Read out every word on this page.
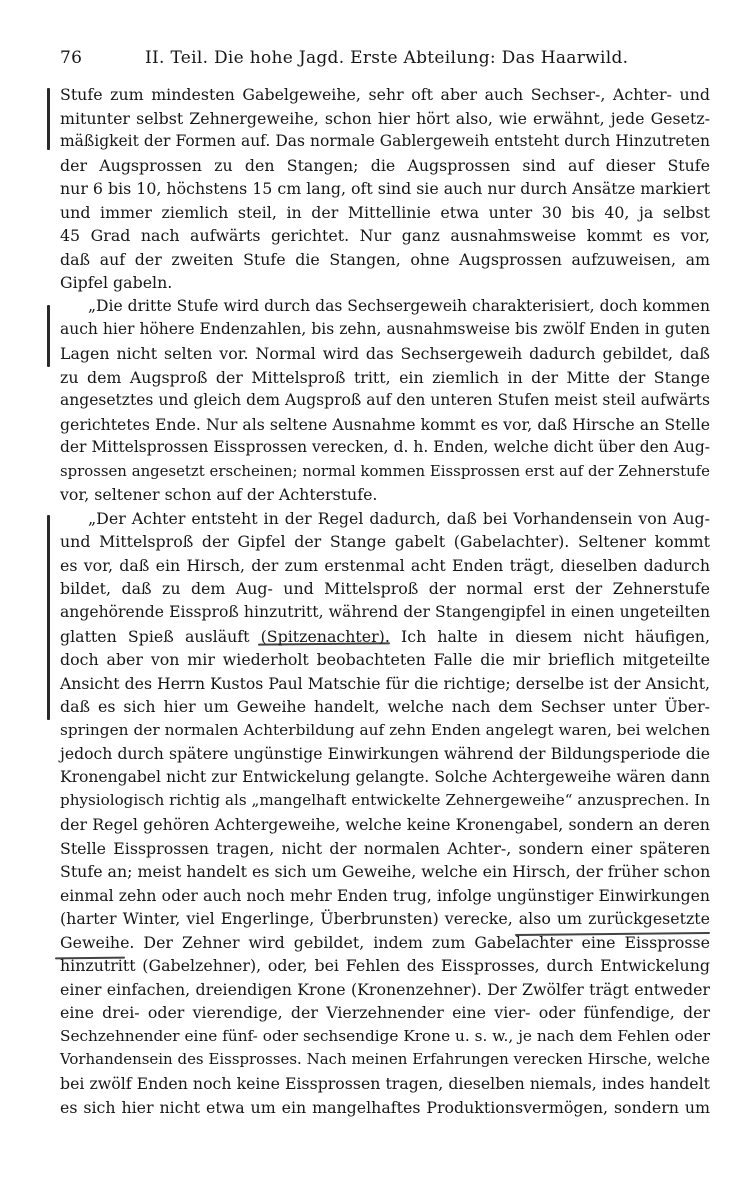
76	II. Teil. Die hohe Jagd. Erste Abteilung: Das Haarwild.
Stufe zum mindesten Gabelgeweihe, sehr oft aber auch Sechser-, Achter- und
mitunter selbst Zehnergeweihe, schon hier hört also, wie erwähnt, jede Gesetz-
mäßigkeit der Formen auf. Das normale Gablergeweih entsteht durch Hinzutreten
der Augsprossen zu den Stangen; die Augsprossen sind auf dieser Stufe
nur 6 bis 10, höchstens 15 cm lang, oft sind sie auch nur durch Ansätze markiert
und immer ziemlich steil, in der Mittellinie etwa unter 30 bis 40, ja selbst
45 Grad nach aufwärts gerichtet. Nur ganz ausnahmsweise kommt es vor,
daß auf der zweiten Stufe die Stangen, ohne Augsprossen aufzuweisen, am
Gipfel gabeln.
„Die dritte Stufe wird durch das Sechsergeweih charakterisiert, doch kommen
auch hier höhere Endenzahlen, bis zehn, ausnahmsweise bis zwölf Enden in guten
Lagen nicht selten vor. Normal wird das Sechsergeweih dadurch gebildet, daß
zu dem Augsproß der Mittelsproß tritt, ein ziemlich in der Mitte der Stange
angesetztes und gleich dem Augsproß auf den unteren Stufen meist steil aufwärts
gerichtetes Ende. Nur als seltene Ausnahme kommt es vor, daß Hirsche an Stelle
der Mittelsprossen Eissprossen verecken, d. h. Enden, welche dicht über den Aug-
sprossen angesetzt erscheinen; normal kommen Eissprossen erst auf der Zehnerstufe
vor, seltener schon auf der Achterstufe.
„Der Achter entsteht in der Regel dadurch, daß bei Vorhandensein von Aug-
und Mittelsproß der Gipfel der Stange gabelt (Gabelachter). Seltener kommt
es vor, daß ein Hirsch, der zum erstenmal acht Enden trägt, dieselben dadurch
bildet, daß zu dem Aug- und Mittelsproß der normal erst der Zehnerstufe
angehörende Eissproß hinzutritt, während der Stangengipfel in einen ungeteilten
glatten Spieß ausläuft (Spitzenachter). Ich halte in diesem nicht häufigen,
doch aber von mir wiederholt beobachteten Falle die mir brieflich mitgeteilte
Ansicht des Herrn Kustos Paul Matschie für die richtige; derselbe ist der Ansicht,
daß es sich hier um Geweihe handelt, welche nach dem Sechser unter Über-
springen der normalen Achterbildung auf zehn Enden angelegt waren, bei welchen
jedoch durch spätere ungünstige Einwirkungen während der Bildungsperiode die
Kronengabel nicht zur Entwickelung gelangte. Solche Achtergeweihe wären dann
physiologisch richtig als „mangelhaft entwickelte Zehnergeweihe“ anzusprechen. In
der Regel gehören Achtergeweihe, welche keine Kronengabel, sondern an deren
Stelle Eissprossen tragen, nicht der normalen Achter-, sondern einer späteren
Stufe an; meist handelt es sich um Geweihe, welche ein Hirsch, der früher schon
einmal zehn oder auch noch mehr Enden trug, infolge ungünstiger Einwirkungen
(harter Winter, viel Engerlinge, Überbrunsten) verecke, also um zurückgesetzte
Geweihe. Der Zehner wird gebildet, indem zum Gabelachter eine Eissprosse
hinzutritt (Gabelzehner), oder, bei Fehlen des Eissprosses, durch Entwickelung
einer einfachen, dreiendigen Krone (Kronenzehner). Der Zwölfer trägt entweder
eine drei- oder vierendige, der Vierzehnender eine vier- oder fünfendige, der
Sechzehnender eine fünf- oder sechsendige Krone u. s. w., je nach dem Fehlen oder
Vorhandensein des Eissprosses. Nach meinen Erfahrungen verecken Hirsche, welche
bei zwölf Enden noch keine Eissprossen tragen, dieselben niemals, indes handelt
es sich hier nicht etwa um ein mangelhaftes Produktionsvermögen, sondern um
